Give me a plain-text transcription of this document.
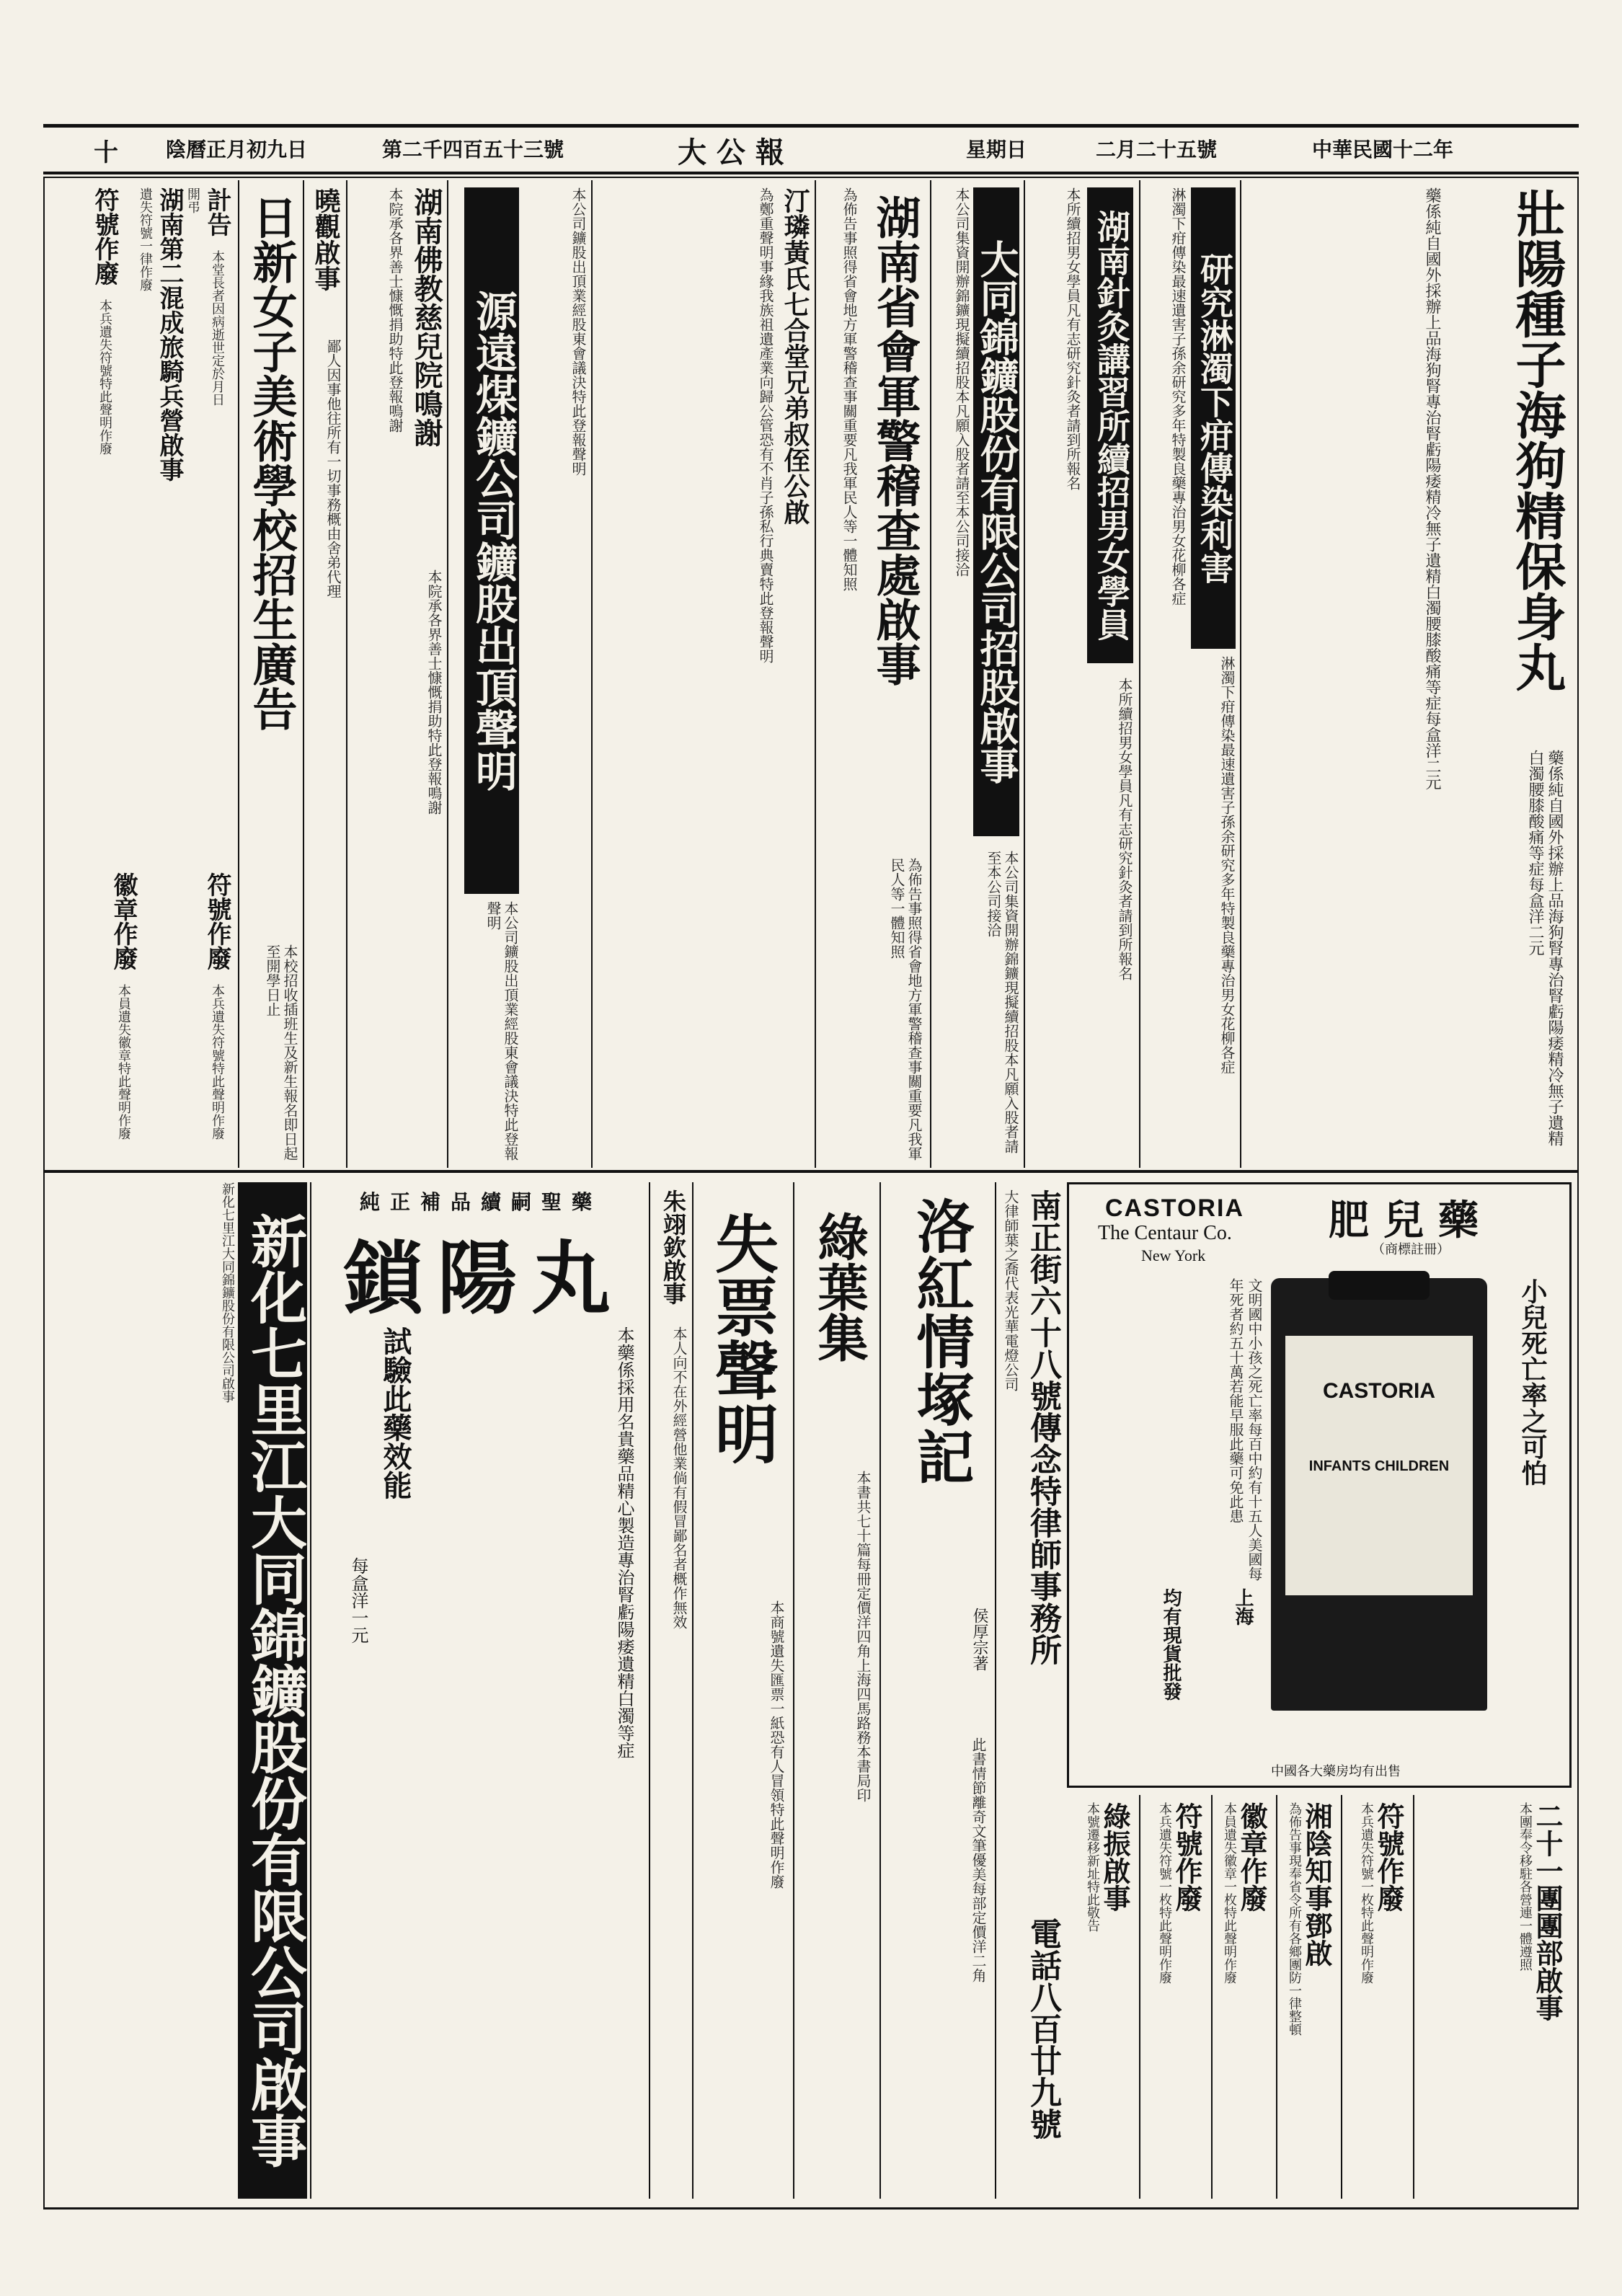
十 陰曆正月初九日	第二千四百五十三號	大 公 報	星期日	二月二十五號	中華民國十二年
壯陽種子海狗精保身丸
藥係純自國外採辦上品海狗腎專治腎虧陽痿精冷無子遺精白濁腰膝酸痛等症每盒洋二元
藥係純自國外採辦上品海狗腎專治腎虧陽痿精冷無子遺精白濁腰膝酸痛等症每盒洋二元
研究淋濁下疳傳染利害
淋濁下疳傳染最速遺害子孫余研究多年特製良藥專治男女花柳各症
淋濁下疳傳染最速遺害子孫余研究多年特製良藥專治男女花柳各症
湖南針灸講習所續招男女學員
本所續招男女學員凡有志研究針灸者請到所報名
本所續招男女學員凡有志研究針灸者請到所報名
大同錦鑛股份有限公司招股啟事
本公司集資開辦錦鑛現擬續招股本凡願入股者請至本公司接洽
本公司集資開辦錦鑛現擬續招股本凡願入股者請至本公司接洽
湖南省會軍警稽查處啟事
為佈告事照得省會地方軍警稽查事關重要凡我軍民人等一體知照
為佈告事照得省會地方軍警稽查事關重要凡我軍民人等一體知照
汀璘黃氏七合堂兄弟叔侄公啟
為鄭重聲明事緣我族祖遺產業向歸公管恐有不肖子孫私行典賣特此登報聲明
源遠煤鑛公司鑛股出頂聲明	本公司鑛股出頂業經股東會議決特此登報聲明
本公司鑛股出頂業經股東會議決特此登報聲明
湖南佛教慈兒院鳴謝
本院承各界善士慷慨捐助特此登報鳴謝
本院承各界善士慷慨捐助特此登報鳴謝
曉觀啟事
鄙人因事他往所有一切事務概由舍弟代理
日新女子美術學校招生廣告
本校招收插班生及新生報名即日起至開學日止
計告 本堂長者因病逝世定於月日開弔
湖南第二混成旅騎兵營啟事 遺失符號一律作廢
符號作廢 本兵遺失符號特此聲明作廢
符號作廢 本兵遺失符號特此聲明作廢
徽章作廢 本員遺失徽章特此聲明作廢
肥兒藥
（商標註冊）
CASTORIA
The Centaur Co.
New York
小兒死亡率之可怕
INFANTS CHILDREN
CASTORIA
文明國中小孩之死亡率每百中約有十五人美國每年死者約五十萬若能早服此藥可免此患
均有現貨批發	上海
中國各大藥房均有出售
南正街六十八號傳念特律師事務所
電話八百廿九號
大律師葉之喬代表光華電燈公司
洛紅情塚記
侯厚宗著
此書情節離奇文筆優美每部定價洋二角
綠葉集
本書共七十篇每冊定價洋四角上海四馬路務本書局印
失票聲明
本商號遺失匯票一紙恐有人冒領特此聲明作廢
朱翊欽啟事
本人向不在外經營他業倘有假冒鄙名者概作無效
純正補品續嗣聖藥
鎖陽丸
試驗此藥效能	本藥係採用名貴藥品精心製造專治腎虧陽痿遺精白濁等症
每盒洋一元
新化七里江大同錦鑛股份有限公司啟事
新化七里江大同錦鑛股份有限公司啟事
湘陰知事鄧啟
為佈告事現奉省令所有各鄉團防一律整頓	符號作廢
本兵遺失符號一枚特此聲明作廢	二十一團團部啟事
本團奉令移駐各營連一體遵照
徽章作廢
本員遺失徽章一枚特此聲明作廢
符號作廢
本兵遺失符號一枚特此聲明作廢
綠振啟事
本號遷移新址特此敬告
